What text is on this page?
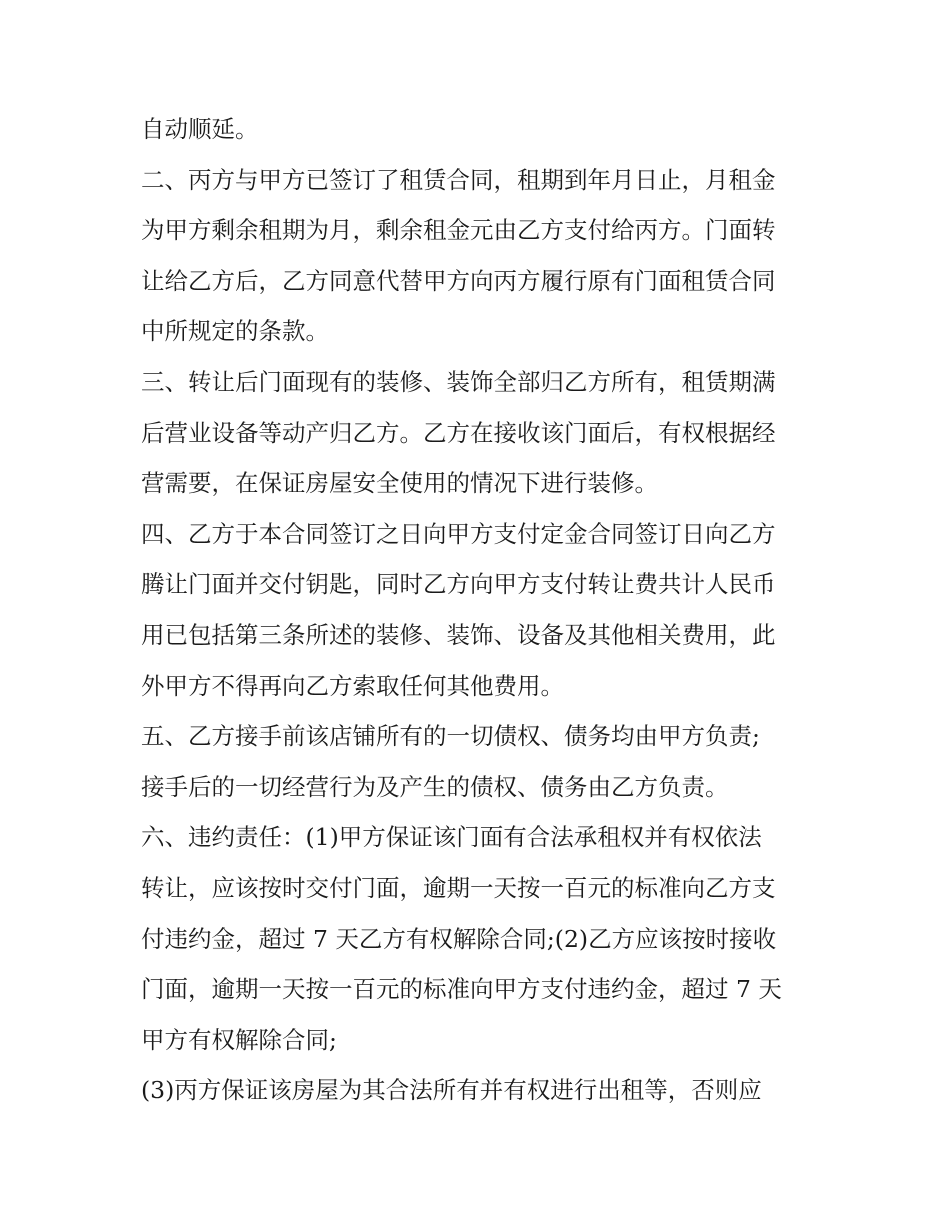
自动顺延。
二、丙方与甲方已签订了租赁合同，租期到年月日止，月租金
为甲方剩余租期为月，剩余租金元由乙方支付给丙方。门面转
让给乙方后，乙方同意代替甲方向丙方履行原有门面租赁合同
中所规定的条款。
三、转让后门面现有的装修、装饰全部归乙方所有，租赁期满
后营业设备等动产归乙方。乙方在接收该门面后，有权根据经
营需要，在保证房屋安全使用的情况下进行装修。
四、乙方于本合同签订之日向甲方支付定金合同签订日向乙方
腾让门面并交付钥匙，同时乙方向甲方支付转让费共计人民币
用已包括第三条所述的装修、装饰、设备及其他相关费用，此
外甲方不得再向乙方索取任何其他费用。
五、乙方接手前该店铺所有的一切债权、债务均由甲方负责;
接手后的一切经营行为及产生的债权、债务由乙方负责。
六、违约责任：(1)甲方保证该门面有合法承租权并有权依法
转让，应该按时交付门面，逾期一天按一百元的标准向乙方支
付违约金，超过 7 天乙方有权解除合同;(2)乙方应该按时接收
门面，逾期一天按一百元的标准向甲方支付违约金，超过 7 天
甲方有权解除合同;
(3)丙方保证该房屋为其合法所有并有权进行出租等，否则应
